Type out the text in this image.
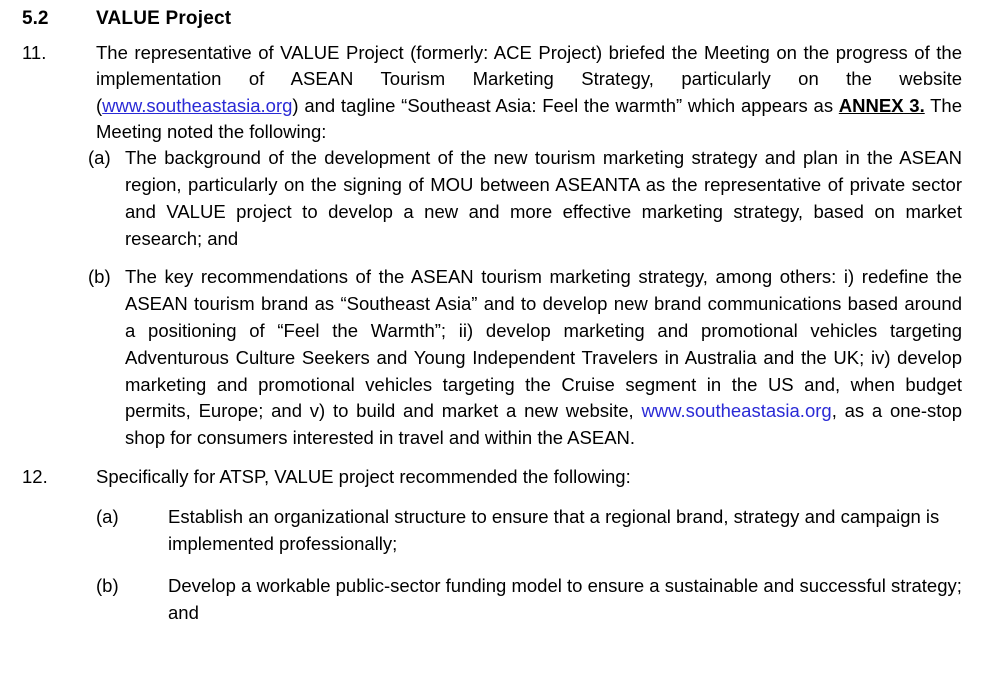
5.2	VALUE Project
11.	The representative of VALUE Project (formerly: ACE Project) briefed the Meeting on the progress of the implementation of ASEAN Tourism Marketing Strategy, particularly on the website (www.southeastasia.org) and tagline “Southeast Asia: Feel the warmth” which appears as ANNEX 3. The Meeting noted the following:
(a) The background of the development of the new tourism marketing strategy and plan in the ASEAN region, particularly on the signing of MOU between ASEANTA as the representative of private sector and VALUE project to develop a new and more effective marketing strategy, based on market research; and
(b) The key recommendations of the ASEAN tourism marketing strategy, among others: i) redefine the ASEAN tourism brand as “Southeast Asia” and to develop new brand communications based around a positioning of “Feel the Warmth”; ii) develop marketing and promotional vehicles targeting Adventurous Culture Seekers and Young Independent Travelers in Australia and the UK; iv) develop marketing and promotional vehicles targeting the Cruise segment in the US and, when budget permits, Europe; and v) to build and market a new website, www.southeastasia.org, as a one-stop shop for consumers interested in travel and within the ASEAN.
12.	Specifically for ATSP, VALUE project recommended the following:
(a)	Establish an organizational structure to ensure that a regional brand, strategy and campaign is implemented professionally;
(b)	Develop a workable public-sector funding model to ensure a sustainable and successful strategy; and
